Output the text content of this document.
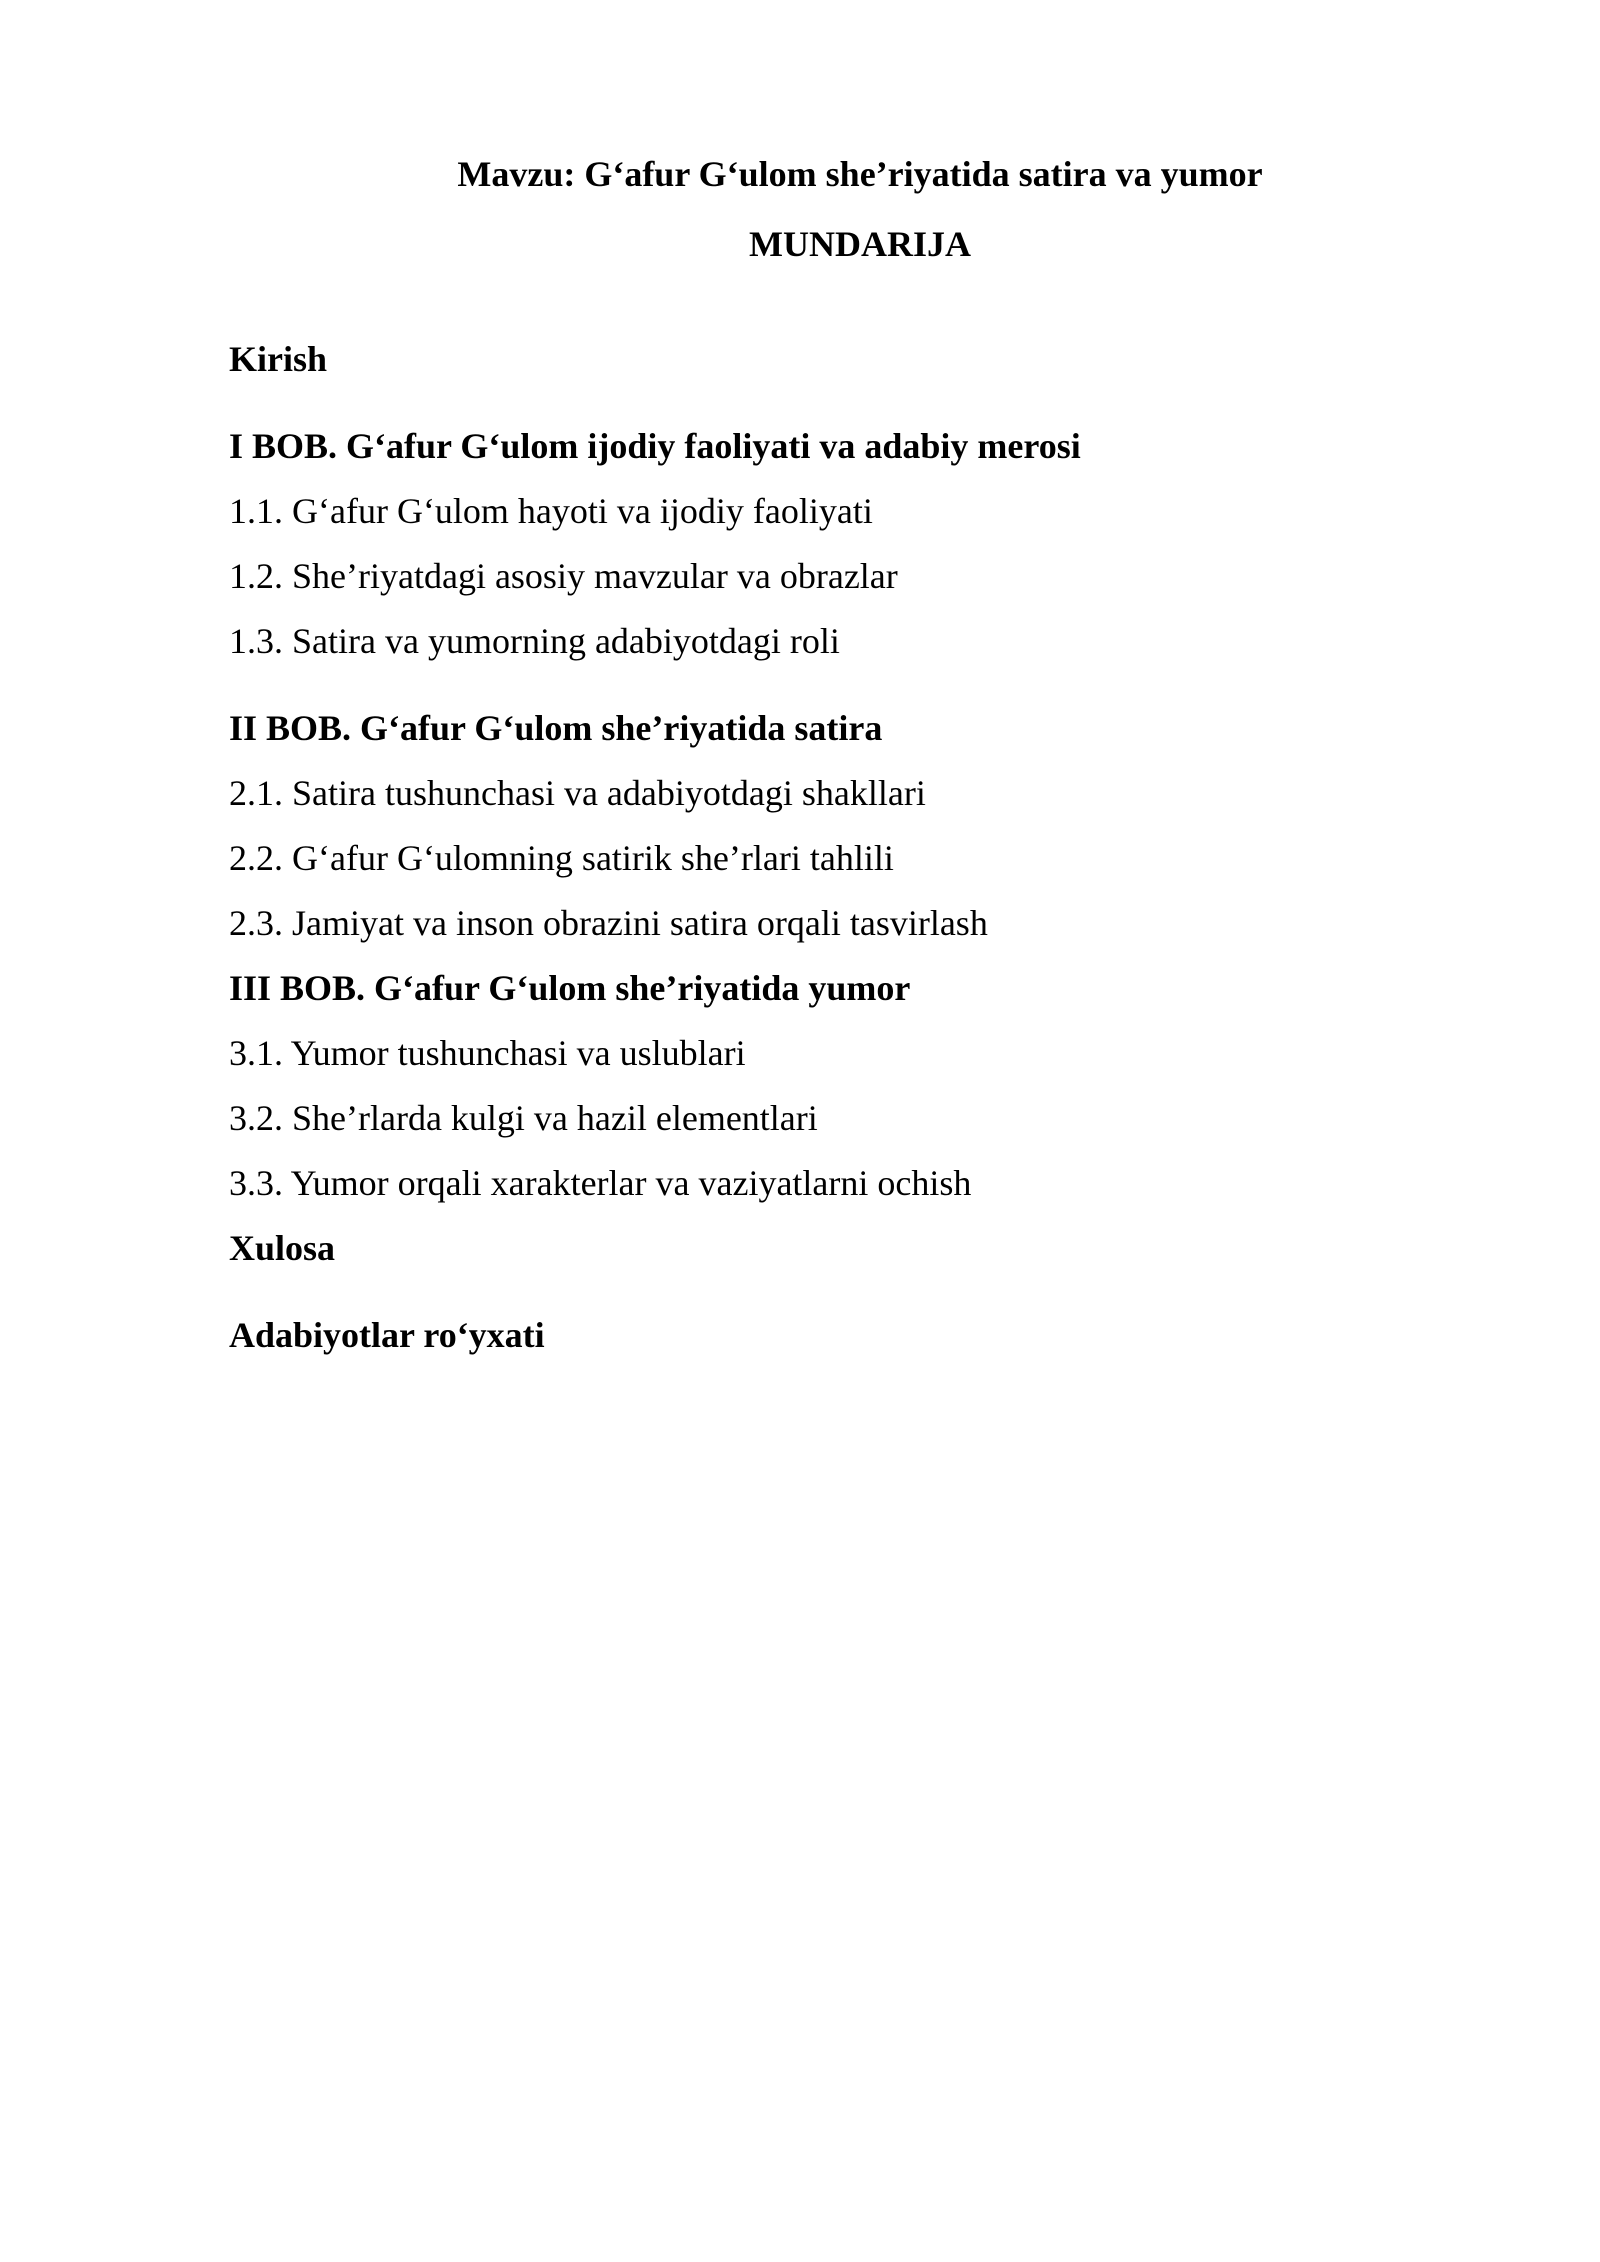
Mavzu: G‘afur G‘ulom she’riyatida satira va yumor
MUNDARIJA
Kirish
I BOB. G‘afur G‘ulom ijodiy faoliyati va adabiy merosi
1.1. G‘afur G‘ulom hayoti va ijodiy faoliyati
1.2. She’riyatdagi asosiy mavzular va obrazlar
1.3. Satira va yumorning adabiyotdagi roli
II BOB. G‘afur G‘ulom she’riyatida satira
2.1. Satira tushunchasi va adabiyotdagi shakllari
2.2. G‘afur G‘ulomning satirik she’rlari tahlili
2.3. Jamiyat va inson obrazini satira orqali tasvirlash
III BOB. G‘afur G‘ulom she’riyatida yumor
3.1. Yumor tushunchasi va uslublari
3.2. She’rlarda kulgi va hazil elementlari
3.3. Yumor orqali xarakterlar va vaziyatlarni ochish
Xulosa
Adabiyotlar ro‘yxati
